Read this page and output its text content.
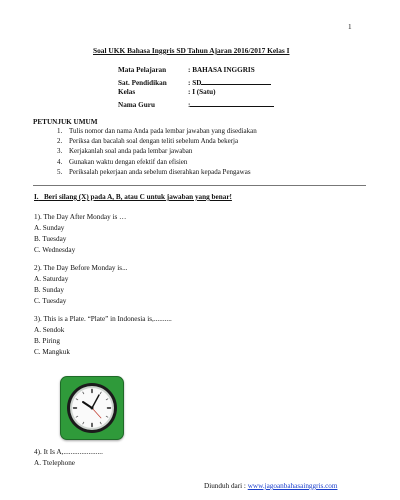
1
Soal UKK Bahasa Inggris SD Tahun Ajaran 2016/2017 Kelas I
Mata Pelajaran	: BAHASA INGGRIS
Sat. Pendidikan	: SD
Kelas	: I (Satu)
Nama Guru	:
PETUNJUK UMUM
1. Tulis nomor dan nama Anda pada lembar jawaban yang disediakan
2. Periksa dan bacalah soal dengan teliti sebelum Anda bekerja
3. Kerjakanlah soal anda pada lembar jawaban
4. Gunakan waktu dengan efektif dan efisien
5. Periksalah pekerjaan anda sebelum diserahkan kepada Pengawas
I. Beri silang (X) pada A, B, atau C untuk jawaban yang benar!
1). The Day After Monday is …
A. Sunday
B. Tuesday
C. Wednesday
2). The Day Before Monday is...
A. Saturday
B. Sunday
C. Tuesday
3). This is a Plate. “Plate” in Indonesia is,..........
A. Sendok
B. Piring
C. Mangkuk
4). It Is A,......................
A. Ttelephone
Diunduh dari : www.jagoanbahasainggris.com
